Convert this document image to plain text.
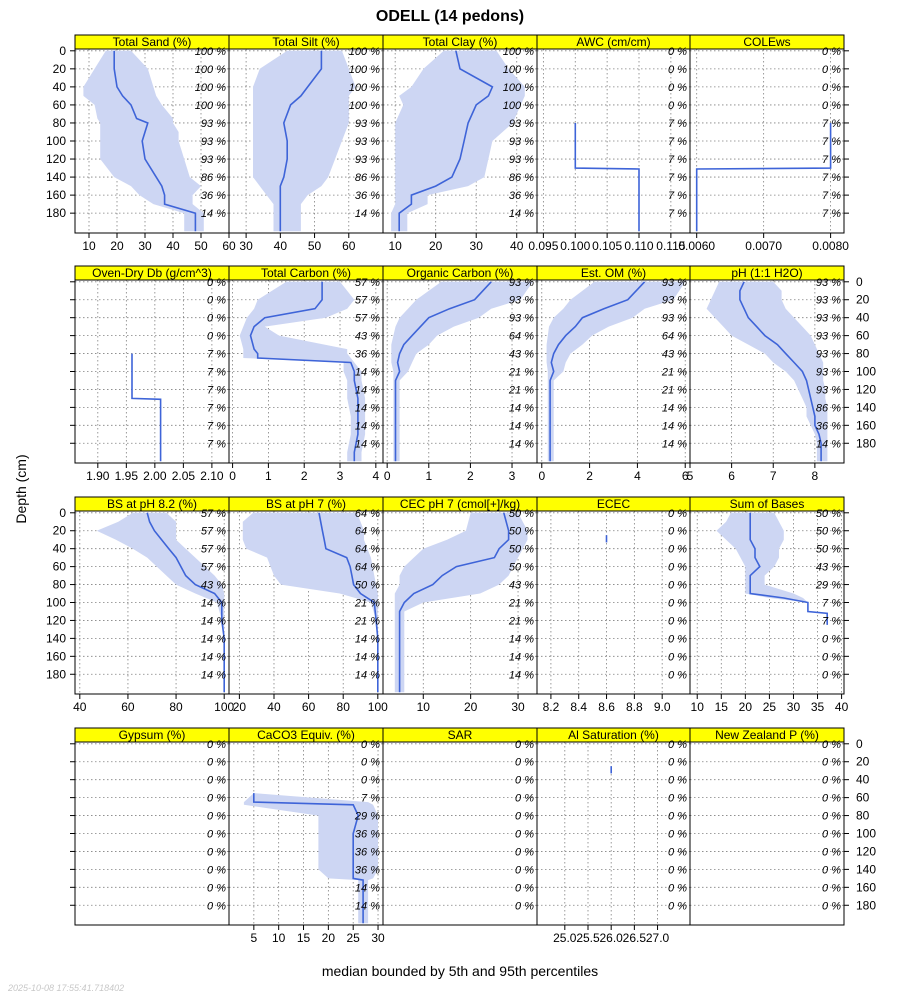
ODELL (14 pedons)
Depth (cm)
median bounded by 5th and 95th percentiles
2025-10-08 17:55:41.718402
Total Sand (%)
100 %
100 %
100 %
100 %
93 %
93 %
93 %
86 %
36 %
14 %
10 20 30 40 50 60
Total Silt (%)
100 %
100 %
100 %
100 %
93 %
93 %
93 %
86 %
36 %
14 %
30 40 50 60
Total Clay (%)
100 %
100 %
100 %
100 %
93 %
93 %
93 %
86 %
36 %
14 %
10 20 30 40
AWC (cm/cm)
0 %
0 %
0 %
0 %
7 %
7 %
7 %
7 %
7 %
7 %
0.095 0.100 0.105 0.110 0.115
COLEws
0 %
0 %
0 %
0 %
7 %
7 %
7 %
7 %
7 %
7 %
0.0060	0.0070	0.0080
Oven-Dry Db (g/cm^3)
0 %
0 %
0 %
0 %
7 %
7 %
7 %
7 %
7 %
7 %
1.90 1.95 2.00 2.05 2.10
Total Carbon (%)
57 %
57 %
57 %
43 %
36 %
14 %
14 %
14 %
14 %
14 %
0 1 2 3 4
Organic Carbon (%)
93 %
93 %
93 %
64 %
43 %
21 %
21 %
14 %
14 %
14 %
0	1	2	3
Est. OM (%)
93 %
93 %
93 %
64 %
43 %
21 %
21 %
14 %
14 %
14 %
0	2	4	6
pH (1:1 H2O)
93 %
93 %
93 %
93 %
93 %
93 %
93 %
86 %
36 %
14 %
5	6	7	8
BS at pH 8.2 (%)
57 %
57 %
57 %
57 %
43 %
14 %
14 %
14 %
14 %
14 %
40	60	80	100
BS at pH 7 (%)
64 %
64 %
64 %
64 %
50 %
21 %
21 %
14 %
14 %
14 %
20 40 60 80 100
CEC pH 7 (cmol[+]/kg)
50 %
50 %
50 %
50 %
43 %
21 %
21 %
14 %
14 %
14 %
10	20	30
ECEC
0 %
0 %
0 %
0 %
0 %
0 %
0 %
0 %
0 %
0 %
8.2 8.4 8.6 8.8 9.0
Sum of Bases
50 %
50 %
50 %
43 %
29 %
7 %
7 %
0 %
0 %
0 %
10 15 20 25 30 35 40
Gypsum (%)
0 %
0 %
0 %
0 %
0 %
0 %
0 %
0 %
0 %
0 %
CaCO3 Equiv. (%)
0 %
0 %
0 %
7 %
29 %
36 %
36 %
36 %
14 %
14 %
5 10 15 20 25 30
SAR
0 %
0 %
0 %
0 %
0 %
0 %
0 %
0 %
0 %
0 %
Al Saturation (%)
0 %
0 %
0 %
0 %
0 %
0 %
0 %
0 %
0 %
0 %
25.0 25.5 26.0 26.5 27.0
New Zealand P (%)
0 %
0 %
0 %
0 %
0 %
0 %
0 %
0 %
0 %
0 %
0
20
40
60
80
100
120
140
160
180
0
20
40
60
80
100
120
140
160
180
0
20
40
60
80
100
120
140
160
180
0
20
40
60
80
100
120
140
160
180
